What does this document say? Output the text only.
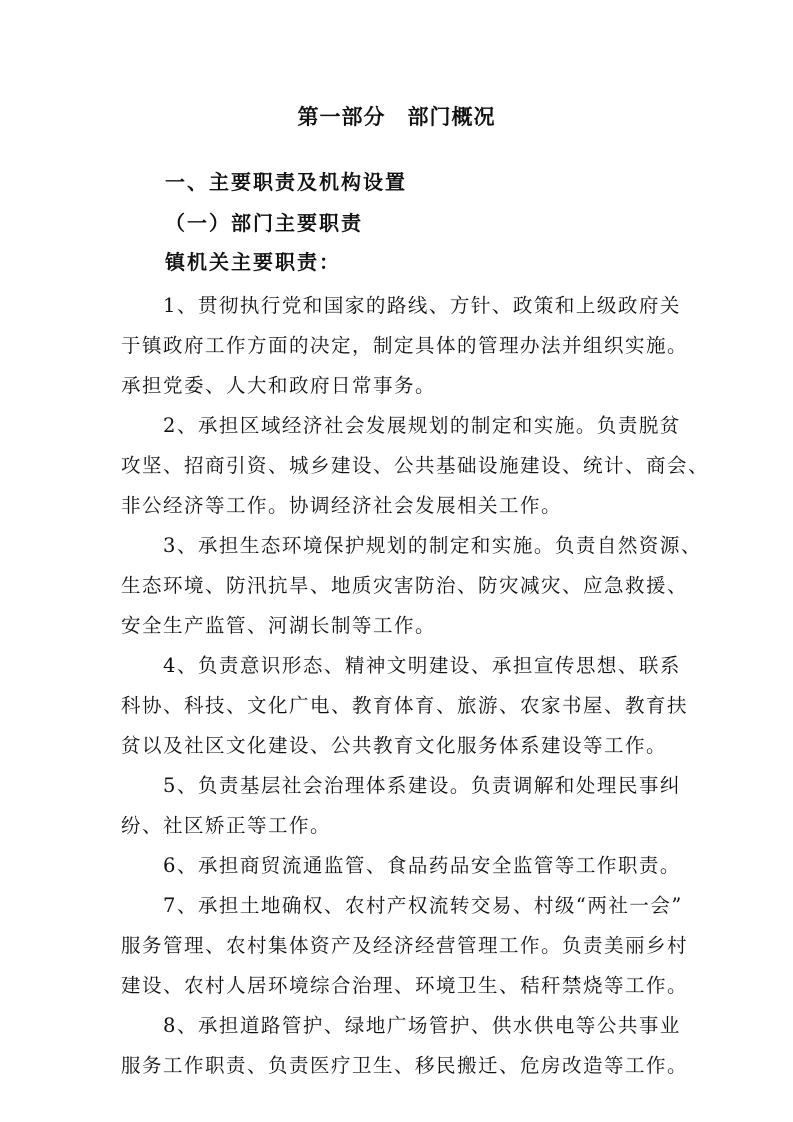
第一部分　部门概况
一、主要职责及机构设置
（一）部门主要职责
镇机关主要职责：
1、贯彻执行党和国家的路线、方针、政策和上级政府关
于镇政府工作方面的决定，制定具体的管理办法并组织实施。
承担党委、人大和政府日常事务。
2、承担区域经济社会发展规划的制定和实施。负责脱贫
攻坚、招商引资、城乡建设、公共基础设施建设、统计、商会、
非公经济等工作。协调经济社会发展相关工作。
3、承担生态环境保护规划的制定和实施。负责自然资源、
生态环境、防汛抗旱、地质灾害防治、防灾减灾、应急救援、
安全生产监管、河湖长制等工作。
4、负责意识形态、精神文明建设、承担宣传思想、联系
科协、科技、文化广电、教育体育、旅游、农家书屋、教育扶
贫以及社区文化建设、公共教育文化服务体系建设等工作。
5、负责基层社会治理体系建设。负责调解和处理民事纠
纷、社区矫正等工作。
6、承担商贸流通监管、食品药品安全监管等工作职责。
7、承担土地确权、农村产权流转交易、村级“两社一会”
服务管理、农村集体资产及经济经营管理工作。负责美丽乡村
建设、农村人居环境综合治理、环境卫生、秸秆禁烧等工作。
8、承担道路管护、绿地广场管护、供水供电等公共事业
服务工作职责、负责医疗卫生、移民搬迁、危房改造等工作。
